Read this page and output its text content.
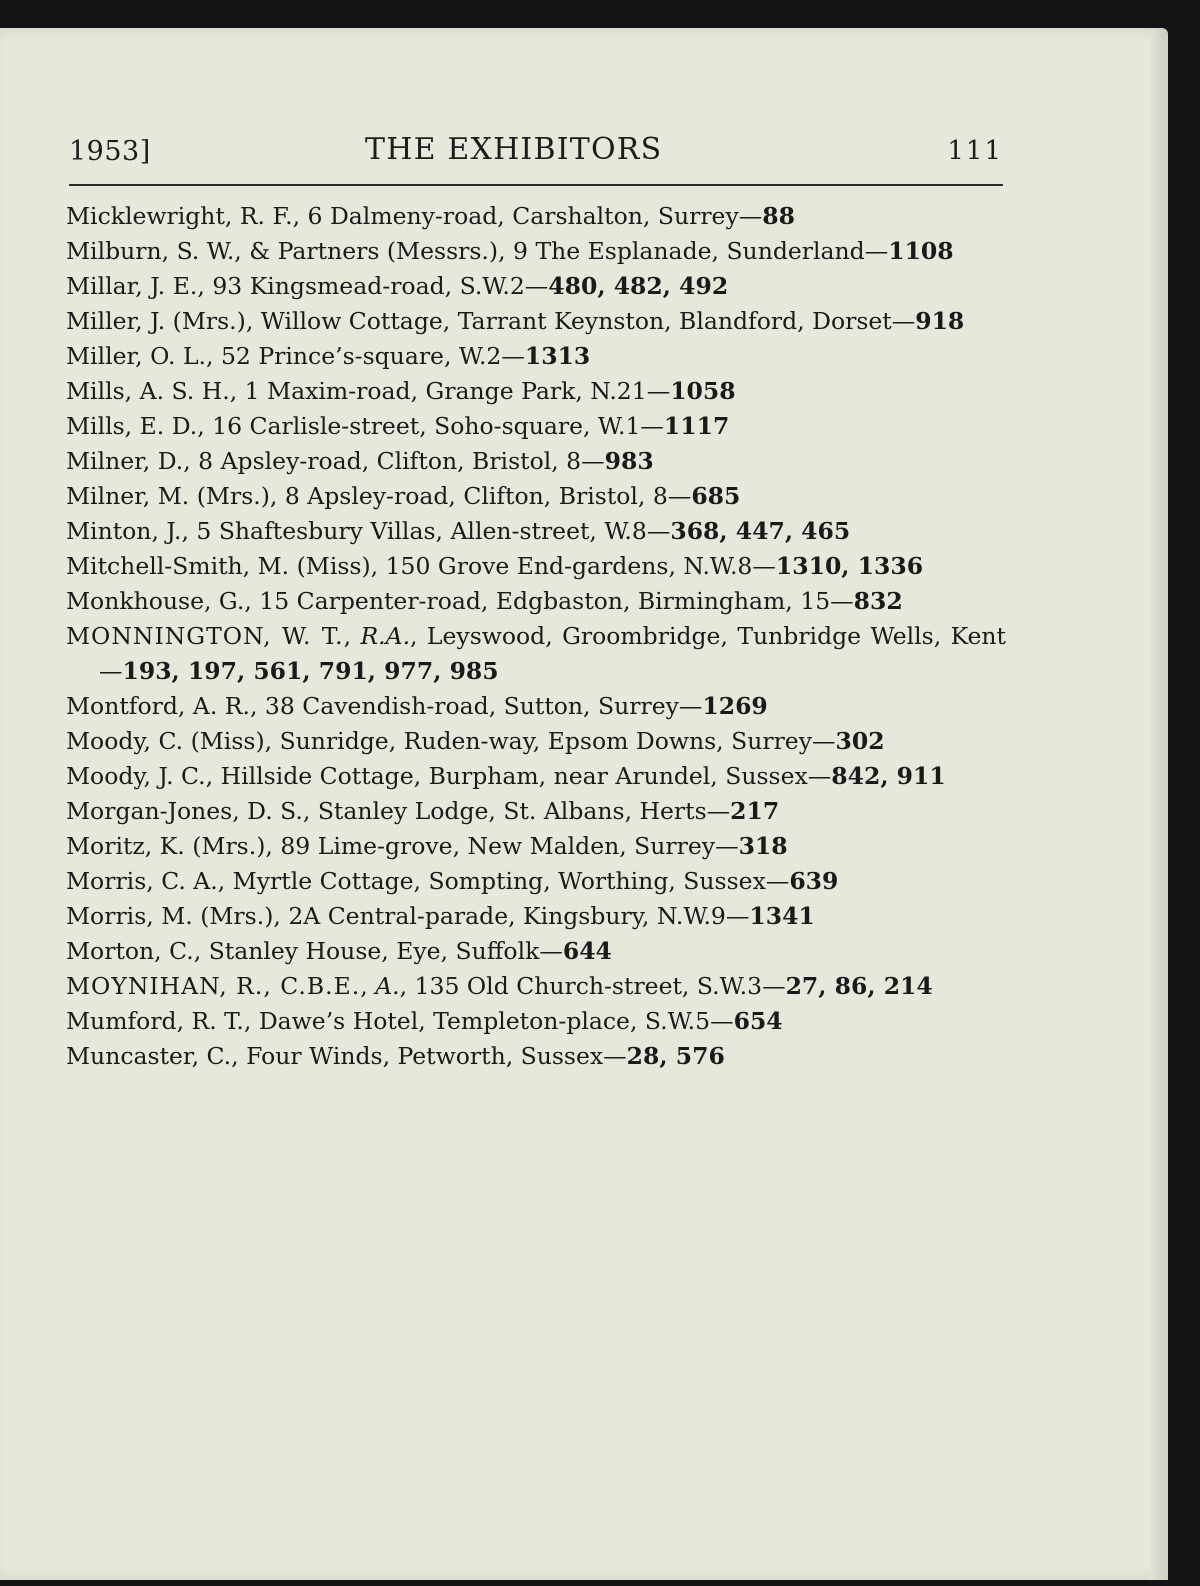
1953]	THE EXHIBITORS	111
Micklewright, R. F., 6 Dalmeny-road, Carshalton, Surrey—88
Milburn, S. W., & Partners (Messrs.), 9 The Esplanade, Sunderland—1108
Millar, J. E., 93 Kingsmead-road, S.W.2—480, 482, 492
Miller, J. (Mrs.), Willow Cottage, Tarrant Keynston, Blandford, Dorset—918
Miller, O. L., 52 Prince’s-square, W.2—1313
Mills, A. S. H., 1 Maxim-road, Grange Park, N.21—1058
Mills, E. D., 16 Carlisle-street, Soho-square, W.1—1117
Milner, D., 8 Apsley-road, Clifton, Bristol, 8—983
Milner, M. (Mrs.), 8 Apsley-road, Clifton, Bristol, 8—685
Minton, J., 5 Shaftesbury Villas, Allen-street, W.8—368, 447, 465
Mitchell-Smith, M. (Miss), 150 Grove End-gardens, N.W.8—1310, 1336
Monkhouse, G., 15 Carpenter-road, Edgbaston, Birmingham, 15—832
MONNINGTON, W. T., R.A., Leyswood, Groombridge, Tunbridge Wells, Kent—193, 197, 561, 791, 977, 985
Montford, A. R., 38 Cavendish-road, Sutton, Surrey—1269
Moody, C. (Miss), Sunridge, Ruden-way, Epsom Downs, Surrey—302
Moody, J. C., Hillside Cottage, Burpham, near Arundel, Sussex—842, 911
Morgan-Jones, D. S., Stanley Lodge, St. Albans, Herts—217
Moritz, K. (Mrs.), 89 Lime-grove, New Malden, Surrey—318
Morris, C. A., Myrtle Cottage, Sompting, Worthing, Sussex—639
Morris, M. (Mrs.), 2A Central-parade, Kingsbury, N.W.9—1341
Morton, C., Stanley House, Eye, Suffolk—644
MOYNIHAN, R., C.B.E., A., 135 Old Church-street, S.W.3—27, 86, 214
Mumford, R. T., Dawe’s Hotel, Templeton-place, S.W.5—654
Muncaster, C., Four Winds, Petworth, Sussex—28, 576
